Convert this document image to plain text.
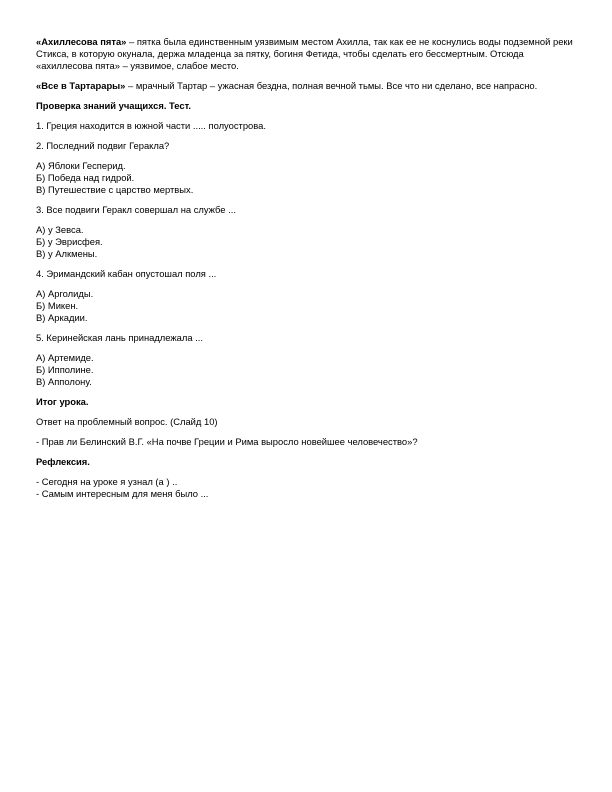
«Ахиллесова пята» – пятка была единственным уязвимым местом Ахилла, так как ее не коснулись воды подземной реки Стикса, в которую окунала, держа младенца за пятку, богиня Фетида, чтобы сделать его бессмертным. Отсюда «ахиллесова пята» – уязвимое, слабое место.

«Все в Тартарары» – мрачный Тартар – ужасная бездна, полная вечной тьмы. Все что ни сделано, все напрасно.

Проверка знаний учащихся. Тест.

1. Греция находится в южной части ..... полуострова.

2. Последний подвиг Геракла?

А) Яблоки Гесперид.
Б) Победа над гидрой.
В) Путешествие с царство мертвых.

3. Все подвиги Геракл совершал на службе ...

А) у Зевса.
Б) у Эврисфея.
В) у Алкмены.

4. Эримандский кабан опустошал поля ...

А) Арголиды.
Б) Микен.
В) Аркадии.

5. Керинейская лань принадлежала ...

А) Артемиде.
Б) Ипполине.
В) Апполону.

Итог урока.

Ответ на проблемный вопрос. (Слайд 10)

- Прав ли Белинский В.Г. «На почве Греции и Рима выросло новейшее человечество»?

Рефлексия.

- Сегодня на уроке я узнал (а ) ..
- Самым интересным для меня было ...
